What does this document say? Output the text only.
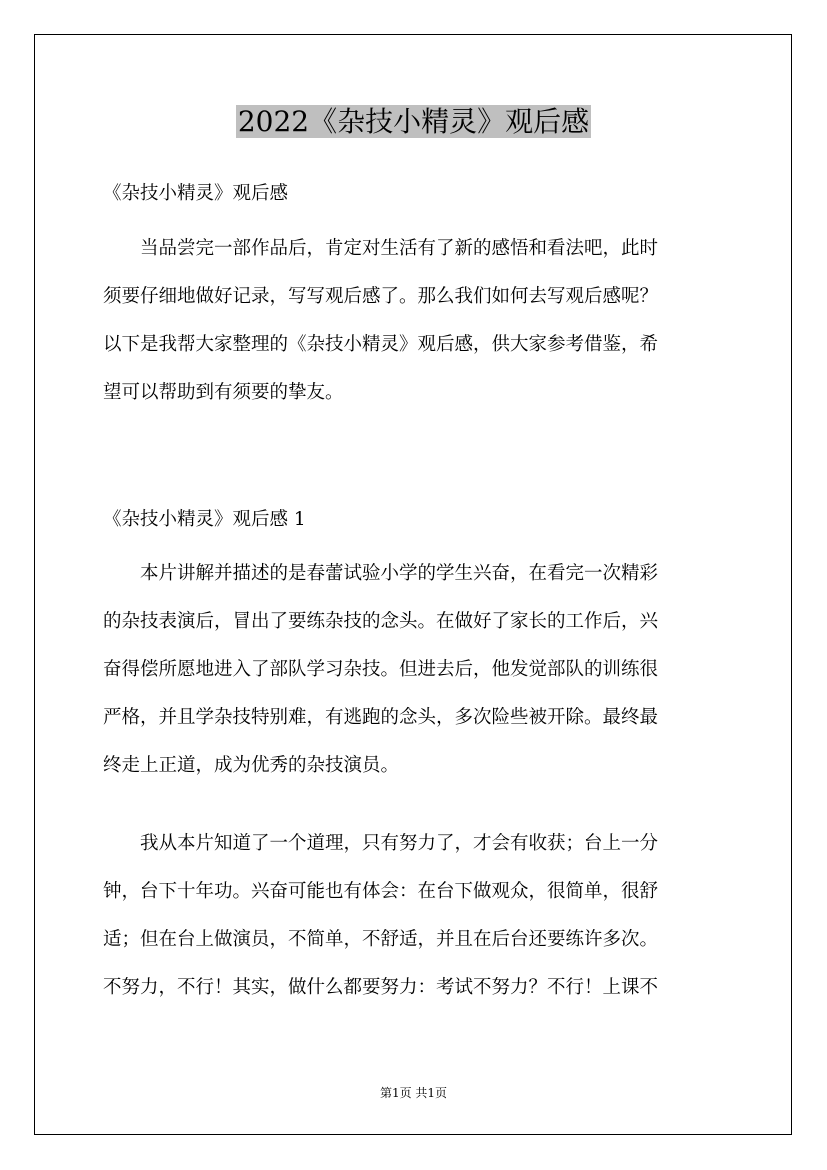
2022《杂技小精灵》观后感

《杂技小精灵》观后感

当品尝完一部作品后，肯定对生活有了新的感悟和看法吧，此时
须要仔细地做好记录，写写观后感了。那么我们如何去写观后感呢？
以下是我帮大家整理的《杂技小精灵》观后感，供大家参考借鉴，希
望可以帮助到有须要的挚友。

《杂技小精灵》观后感 1

本片讲解并描述的是春蕾试验小学的学生兴奋，在看完一次精彩
的杂技表演后，冒出了要练杂技的念头。在做好了家长的工作后，兴
奋得偿所愿地进入了部队学习杂技。但进去后，他发觉部队的训练很
严格，并且学杂技特别难，有逃跑的念头，多次险些被开除。最终最
终走上正道，成为优秀的杂技演员。

我从本片知道了一个道理，只有努力了，才会有收获；台上一分
钟，台下十年功。兴奋可能也有体会：在台下做观众，很简单，很舒
适；但在台上做演员，不简单，不舒适，并且在后台还要练许多次。
不努力，不行！其实，做什么都要努力：考试不努力？不行！上课不

第1页 共1页
